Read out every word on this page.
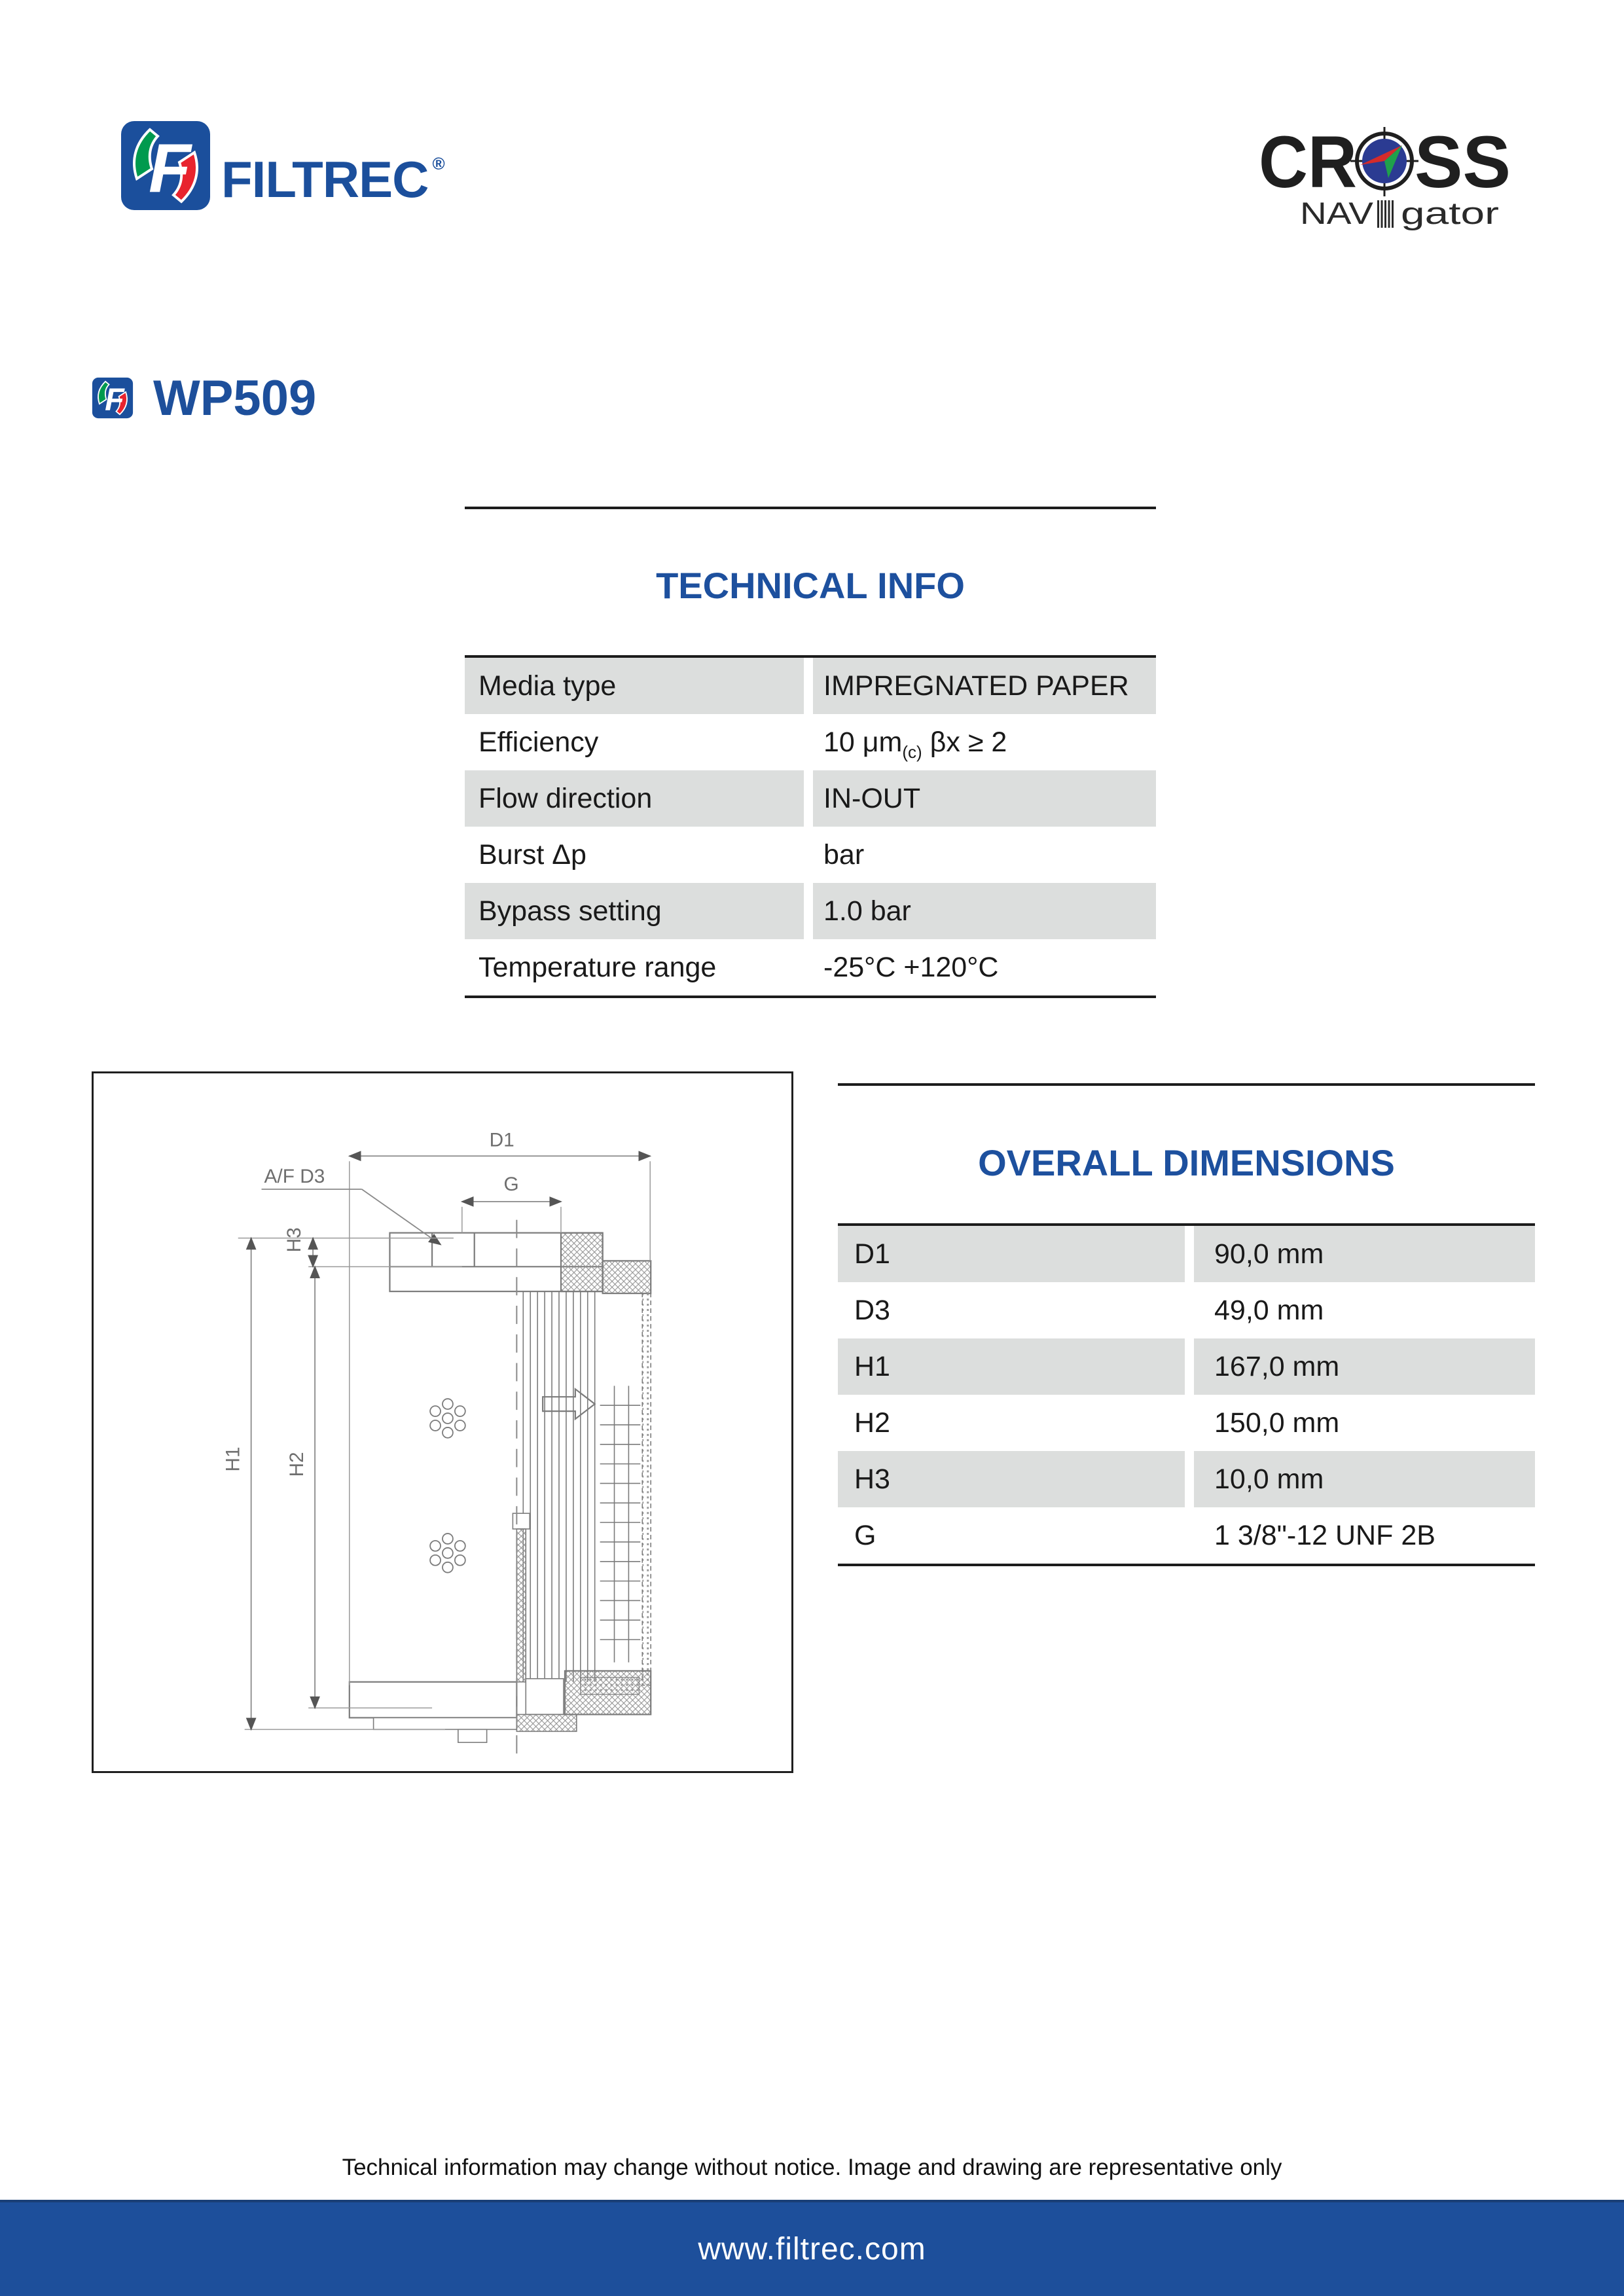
FILTREC ®	CR SS
NAV gator
WP509
TECHNICAL INFO
Media type	IMPREGNATED PAPER
Efficiency	10 $\mu m_{(c)}$ βx ≥ 2
Flow direction	IN-OUT
Burst Δp	bar
Bypass setting	1.0 bar
Temperature range	-25°C +120°C
D1
G
A/F D3
H1 H2
H3
OVERALL DIMENSIONS
D1	90,0 mm
D3	49,0 mm
H1	167,0 mm
H2	150,0 mm
H3	10,0 mm
G	1 3/8"-12 UNF 2B
Technical information may change without notice. Image and drawing are representative only
www.filtrec.com
